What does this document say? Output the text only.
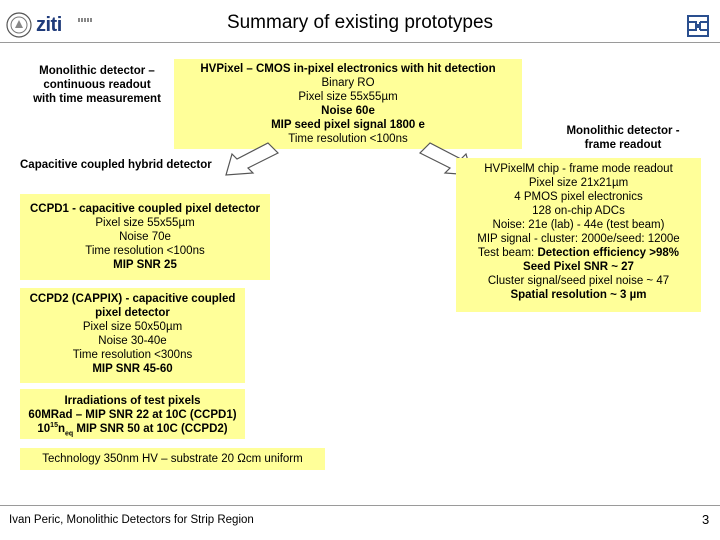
ziti	Summary of existing prototypes
Monolithic detector –
continuous readout
with time measurement
HVPixel – CMOS in-pixel electronics with hit detection
Binary RO
Pixel size 55x55µm
Noise 60e
MIP seed pixel signal 1800 e
Time resolution <100ns
Monolithic detector -
frame readout
Capacitive coupled hybrid detector
CCPD1 - capacitive coupled pixel detector
Pixel size 55x55µm
Noise 70e
Time resolution <100ns
MIP SNR 25
HVPixelM chip - frame mode readout
Pixel size 21x21µm
4 PMOS pixel electronics
128 on-chip ADCs
Noise: 21e (lab) - 44e (test beam)
MIP signal - cluster: 2000e/seed: 1200e
Test beam: Detection efficiency >98%
Seed Pixel SNR ~ 27
Cluster signal/seed pixel noise ~ 47
Spatial resolution ~ 3 µm
CCPD2 (CAPPIX) - capacitive coupled
pixel detector
Pixel size 50x50µm
Noise 30-40e
Time resolution <300ns
MIP SNR 45-60
Irradiations of test pixels
60MRad – MIP SNR 22 at 10C (CCPD1)
$10^{15}n_{eq}$ MIP SNR 50 at 10C (CCPD2)
Technology 350nm HV – substrate 20 Ωcm uniform
Ivan Peric, Monolithic Detectors for Strip Region	3
